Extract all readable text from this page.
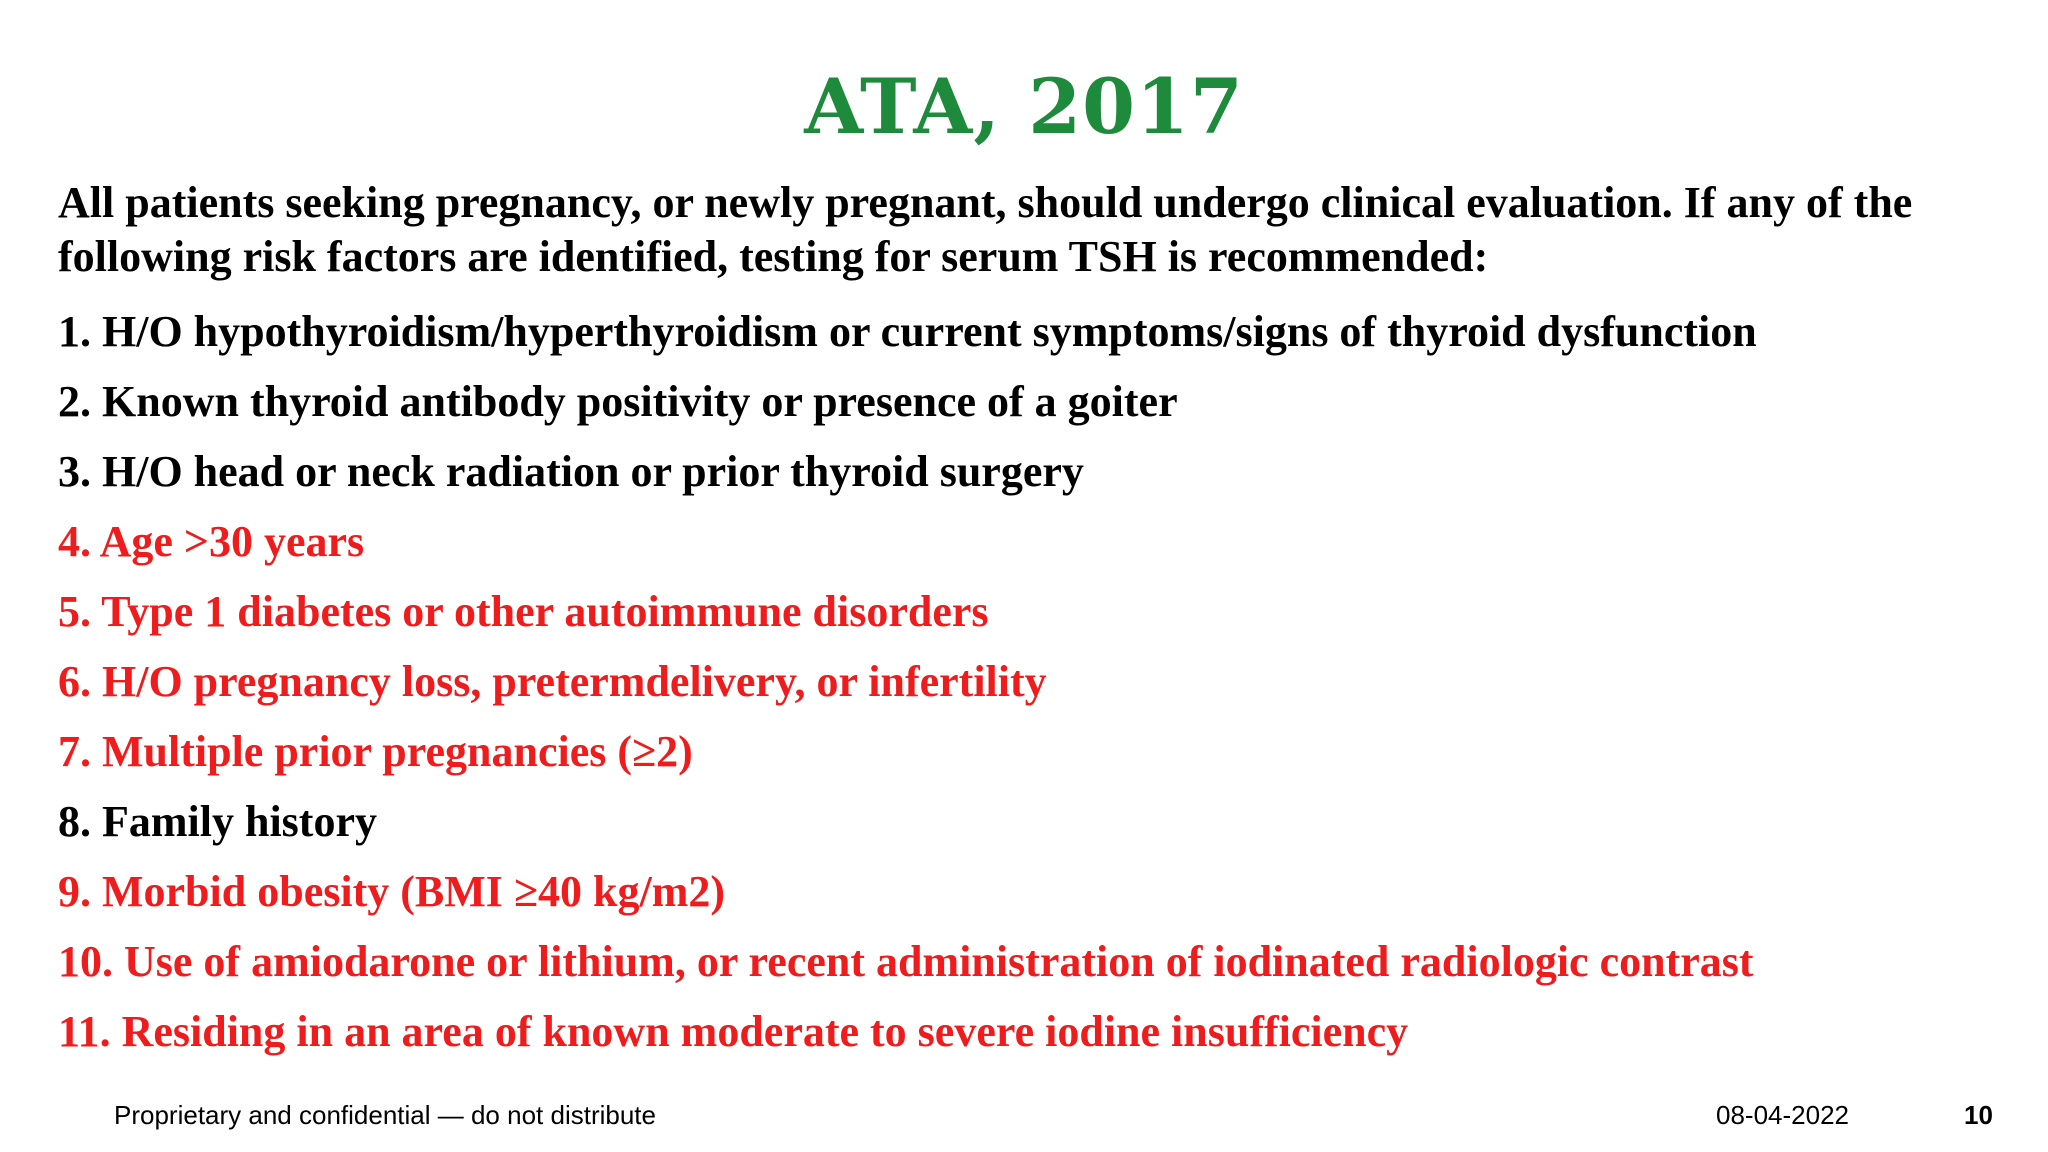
ATA, 2017
All patients seeking pregnancy, or newly pregnant, should undergo clinical evaluation. If any of the following risk factors are identified, testing for serum TSH is recommended:
1. H/O hypothyroidism/hyperthyroidism or current symptoms/signs of thyroid dysfunction
2. Known thyroid antibody positivity or presence of a goiter
3. H/O head or neck radiation or prior thyroid surgery
4. Age >30 years
5. Type 1 diabetes or other autoimmune disorders
6. H/O pregnancy loss, pretermdelivery, or infertility
7. Multiple prior pregnancies (≥2)
8. Family history
9. Morbid obesity (BMI ≥40 kg/m2)
10. Use of amiodarone or lithium, or recent administration of iodinated radiologic contrast
11. Residing in an area of known moderate to severe iodine insufficiency
Proprietary and confidential — do not distribute	08-04-2022	10
